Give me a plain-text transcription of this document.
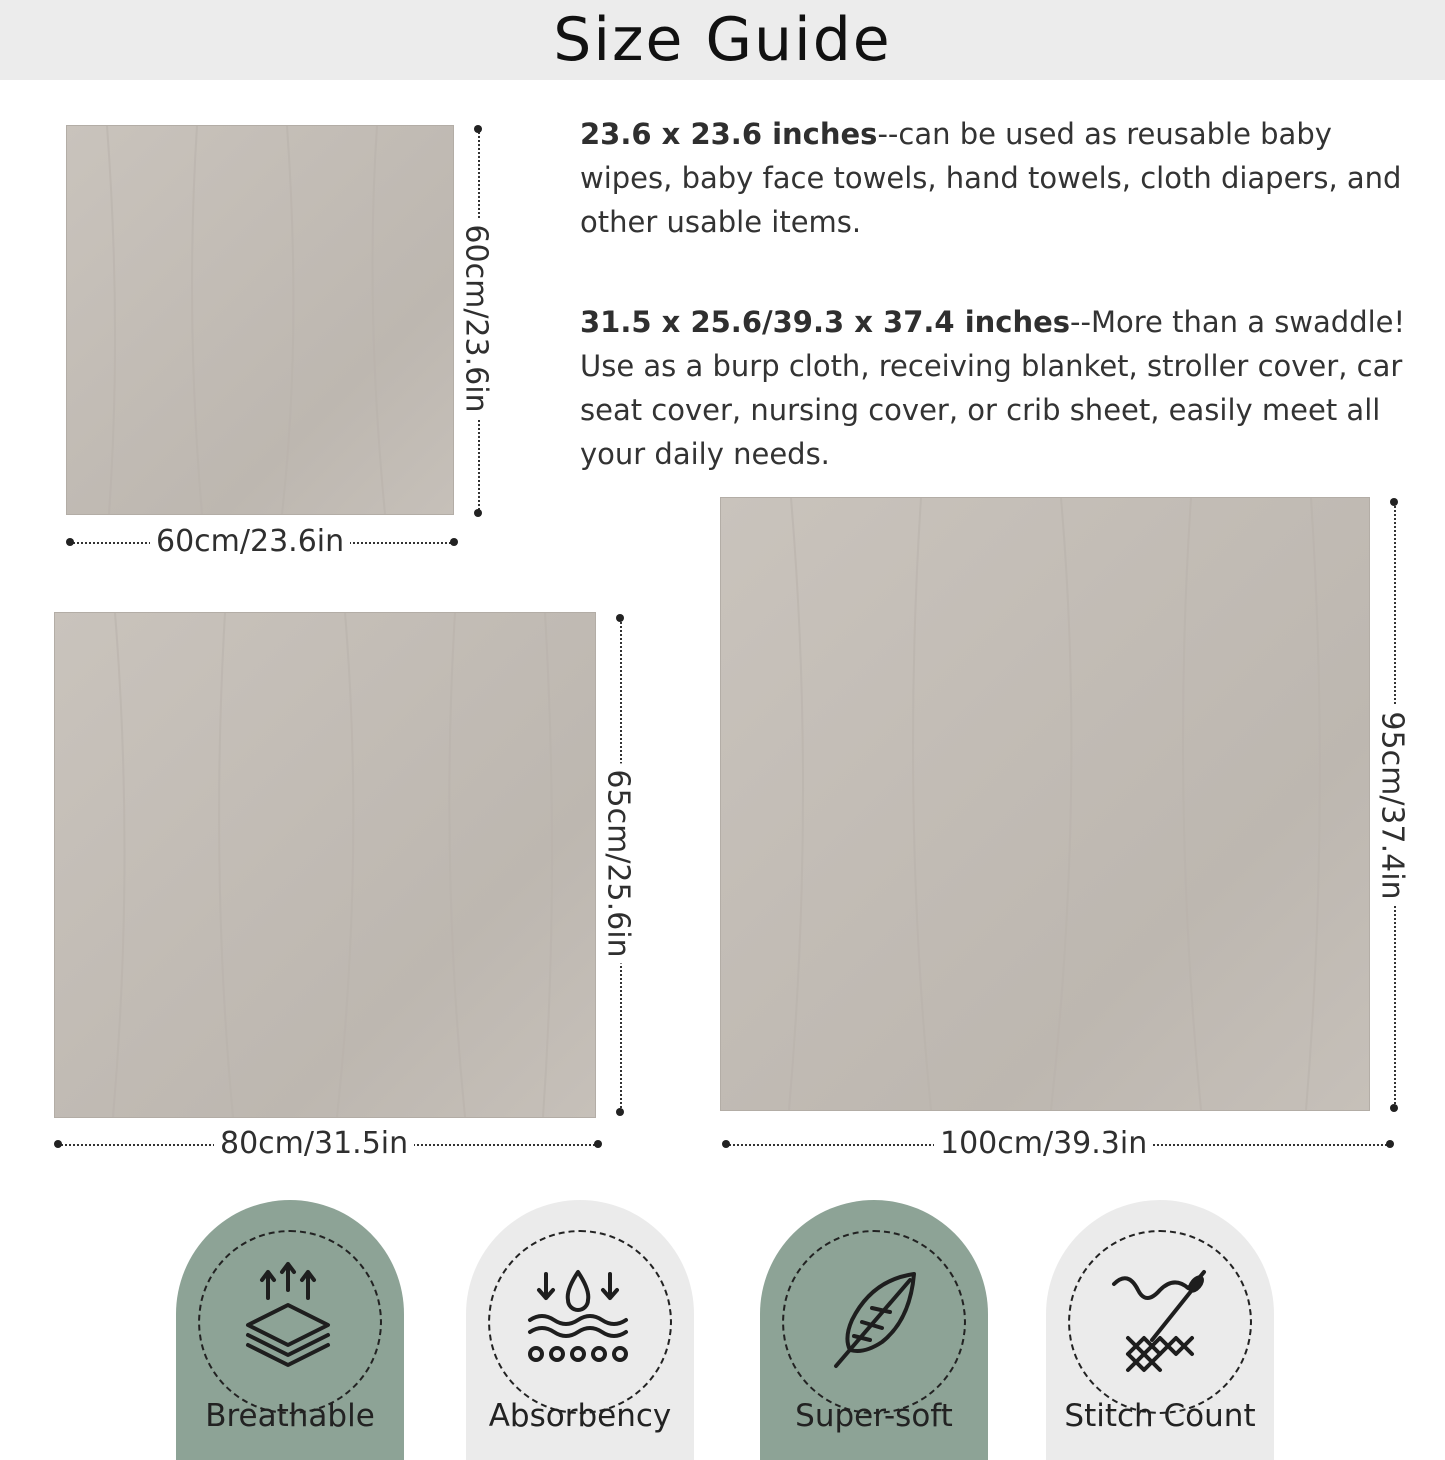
Size Guide
23.6 x 23.6 inches--can be used as reusable baby wipes, baby face towels, hand towels, cloth diapers, and other usable items.
31.5 x 25.6/39.3 x 37.4 inches--More than a swaddle! Use as a burp cloth, receiving blanket, stroller cover, car seat cover, nursing cover, or crib sheet, easily meet all your daily needs.
60cm/23.6in
60cm/23.6in
80cm/31.5in
65cm/25.6in
100cm/39.3in
95cm/37.4in
Breathable	Absorbency	Super-soft	Stitch Count
